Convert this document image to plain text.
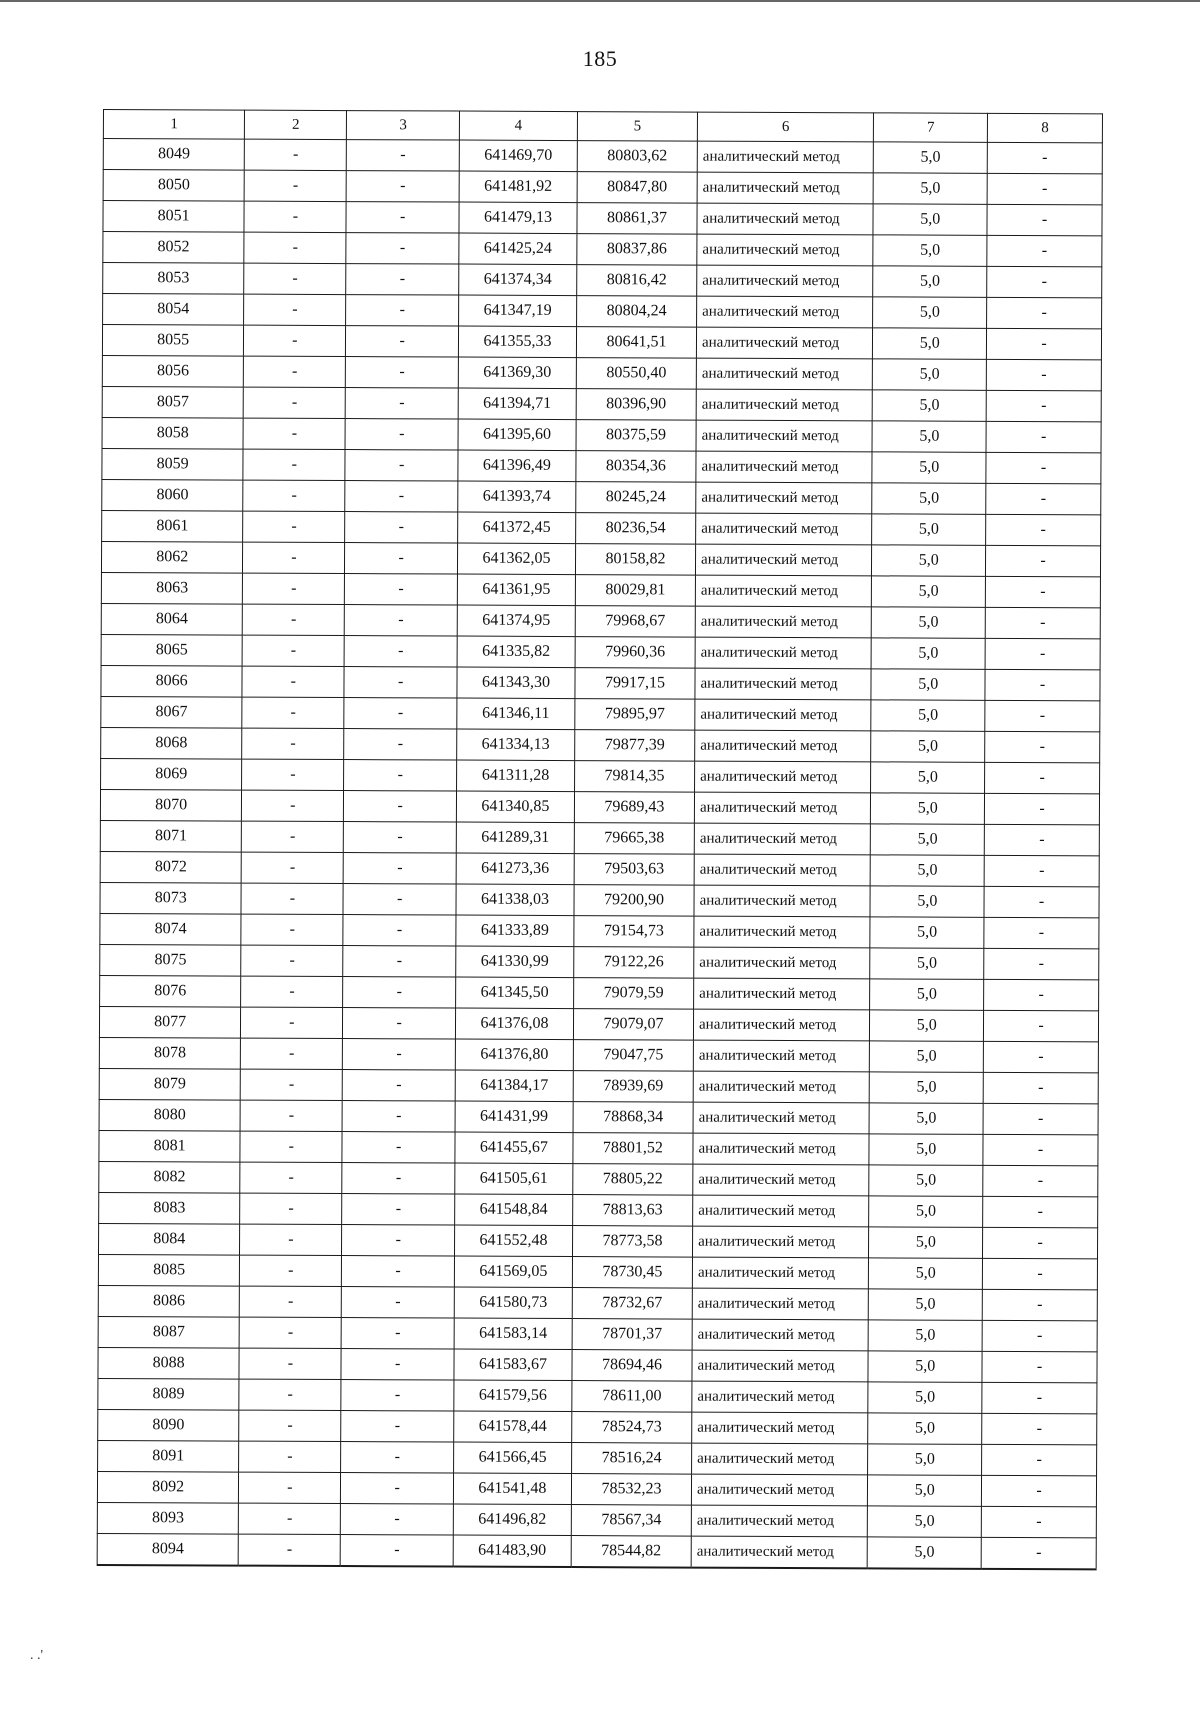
185
1	2	3	4	5	6	7	8
8049	-	-	641469,70	80803,62	аналитический метод	5,0	-
8050	-	-	641481,92	80847,80	аналитический метод	5,0	-
8051	-	-	641479,13	80861,37	аналитический метод	5,0	-
8052	-	-	641425,24	80837,86	аналитический метод	5,0	-
8053	-	-	641374,34	80816,42	аналитический метод	5,0	-
8054	-	-	641347,19	80804,24	аналитический метод	5,0	-
8055	-	-	641355,33	80641,51	аналитический метод	5,0	-
8056	-	-	641369,30	80550,40	аналитический метод	5,0	-
8057	-	-	641394,71	80396,90	аналитический метод	5,0	-
8058	-	-	641395,60	80375,59	аналитический метод	5,0	-
8059	-	-	641396,49	80354,36	аналитический метод	5,0	-
8060	-	-	641393,74	80245,24	аналитический метод	5,0	-
8061	-	-	641372,45	80236,54	аналитический метод	5,0	-
8062	-	-	641362,05	80158,82	аналитический метод	5,0	-
8063	-	-	641361,95	80029,81	аналитический метод	5,0	-
8064	-	-	641374,95	79968,67	аналитический метод	5,0	-
8065	-	-	641335,82	79960,36	аналитический метод	5,0	-
8066	-	-	641343,30	79917,15	аналитический метод	5,0	-
8067	-	-	641346,11	79895,97	аналитический метод	5,0	-
8068	-	-	641334,13	79877,39	аналитический метод	5,0	-
8069	-	-	641311,28	79814,35	аналитический метод	5,0	-
8070	-	-	641340,85	79689,43	аналитический метод	5,0	-
8071	-	-	641289,31	79665,38	аналитический метод	5,0	-
8072	-	-	641273,36	79503,63	аналитический метод	5,0	-
8073	-	-	641338,03	79200,90	аналитический метод	5,0	-
8074	-	-	641333,89	79154,73	аналитический метод	5,0	-
8075	-	-	641330,99	79122,26	аналитический метод	5,0	-
8076	-	-	641345,50	79079,59	аналитический метод	5,0	-
8077	-	-	641376,08	79079,07	аналитический метод	5,0	-
8078	-	-	641376,80	79047,75	аналитический метод	5,0	-
8079	-	-	641384,17	78939,69	аналитический метод	5,0	-
8080	-	-	641431,99	78868,34	аналитический метод	5,0	-
8081	-	-	641455,67	78801,52	аналитический метод	5,0	-
8082	-	-	641505,61	78805,22	аналитический метод	5,0	-
8083	-	-	641548,84	78813,63	аналитический метод	5,0	-
8084	-	-	641552,48	78773,58	аналитический метод	5,0	-
8085	-	-	641569,05	78730,45	аналитический метод	5,0	-
8086	-	-	641580,73	78732,67	аналитический метод	5,0	-
8087	-	-	641583,14	78701,37	аналитический метод	5,0	-
8088	-	-	641583,67	78694,46	аналитический метод	5,0	-
8089	-	-	641579,56	78611,00	аналитический метод	5,0	-
8090	-	-	641578,44	78524,73	аналитический метод	5,0	-
8091	-	-	641566,45	78516,24	аналитический метод	5,0	-
8092	-	-	641541,48	78532,23	аналитический метод	5,0	-
8093	-	-	641496,82	78567,34	аналитический метод	5,0	-
8094	-	-	641483,90	78544,82	аналитический метод	5,0	-
. .'
